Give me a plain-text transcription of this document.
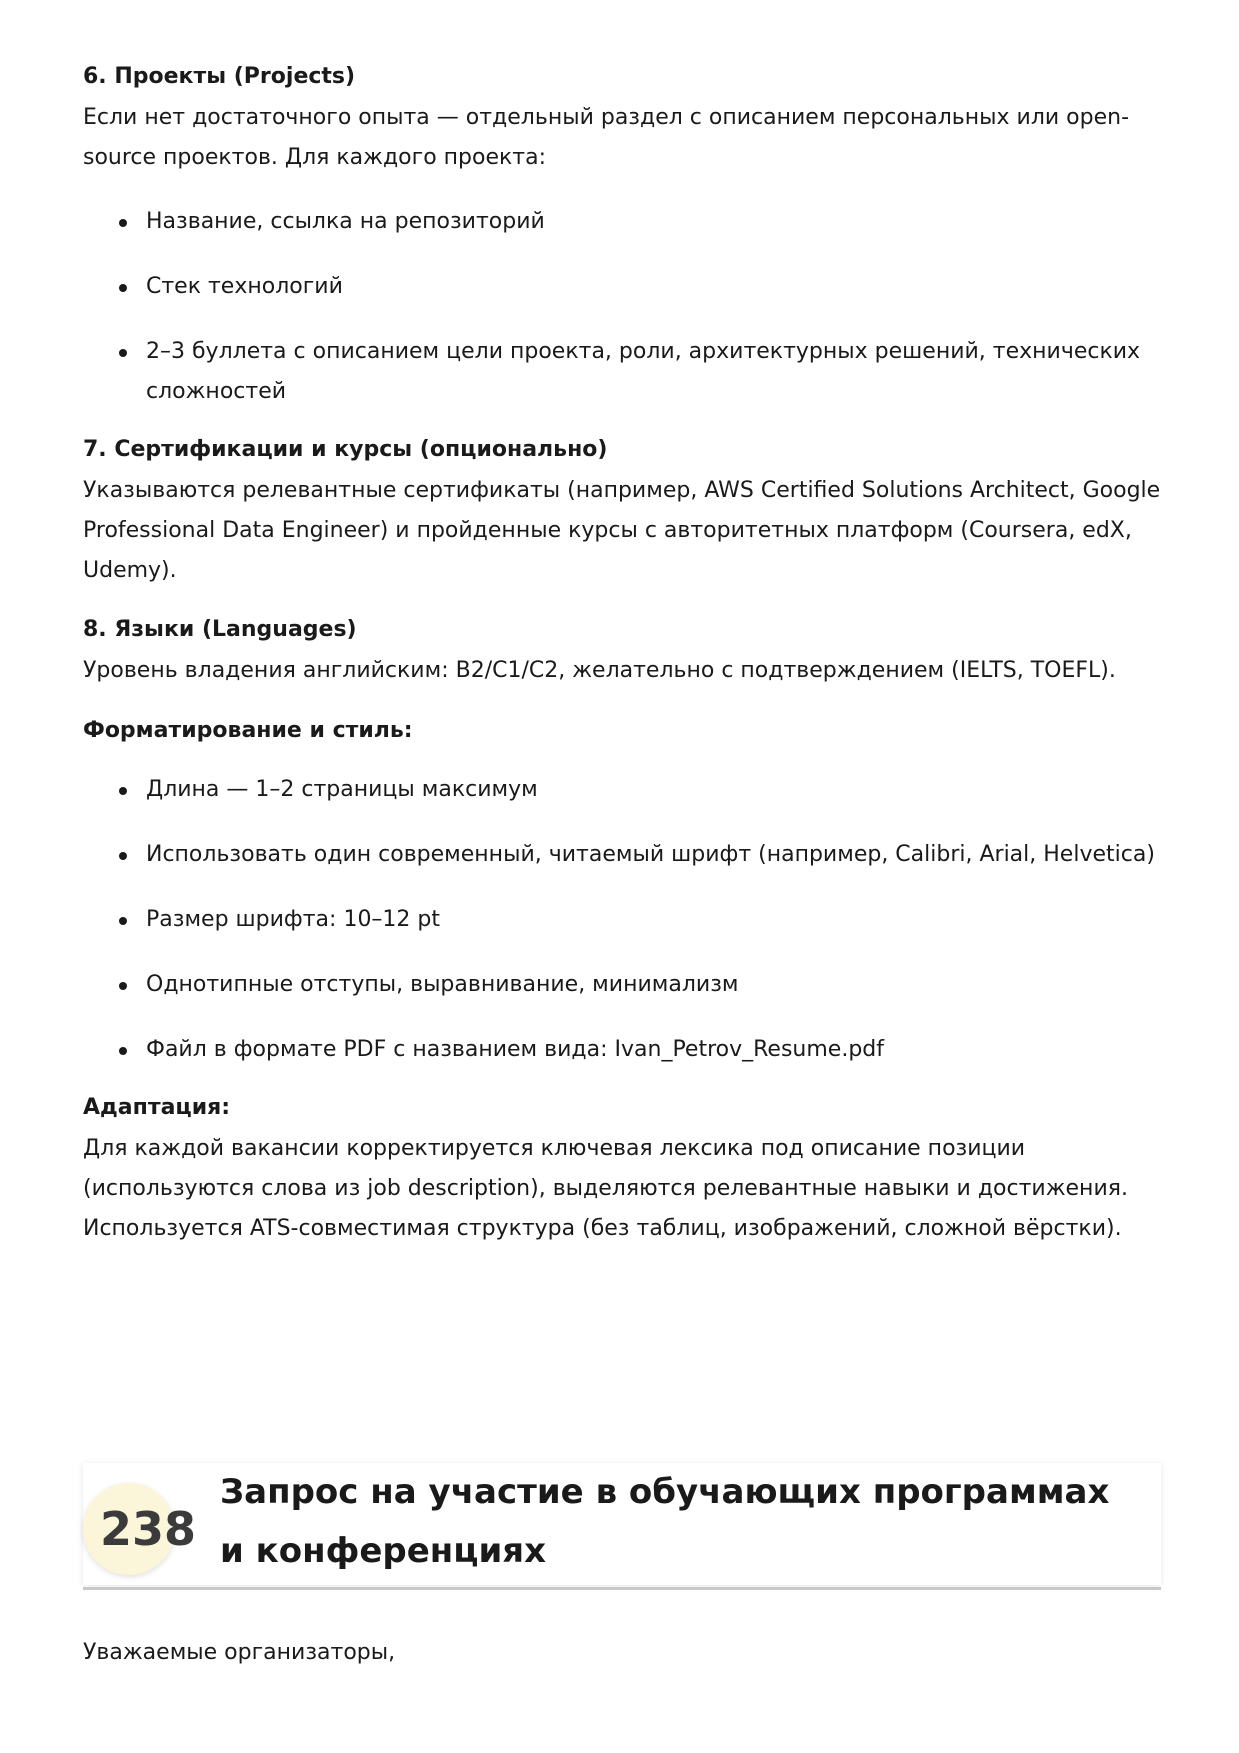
6. Проекты (Projects)

Если нет достаточного опыта — отдельный раздел с описанием персональных или open-source проектов. Для каждого проекта:

Название, ссылка на репозиторий
Стек технологий
2–3 буллета с описанием цели проекта, роли, архитектурных решений, технических сложностей

7. Сертификации и курсы (опционально)

Указываются релевантные сертификаты (например, AWS Certified Solutions Architect, Google Professional Data Engineer) и пройденные курсы с авторитетных платформ (Coursera, edX, Udemy).

8. Языки (Languages)

Уровень владения английским: B2/C1/C2, желательно с подтверждением (IELTS, TOEFL).

Форматирование и стиль:

Длина — 1–2 страницы максимум
Использовать один современный, читаемый шрифт (например, Calibri, Arial, Helvetica)
Размер шрифта: 10–12 pt
Однотипные отступы, выравнивание, минимализм
Файл в формате PDF с названием вида: Ivan_Petrov_Resume.pdf

Адаптация:

Для каждой вакансии корректируется ключевая лексика под описание позиции (используются слова из job description), выделяются релевантные навыки и достижения. Используется ATS-совместимая структура (без таблиц, изображений, сложной вёрстки).

238
Запрос на участие в обучающих программах и конференциях

Уважаемые организаторы,
